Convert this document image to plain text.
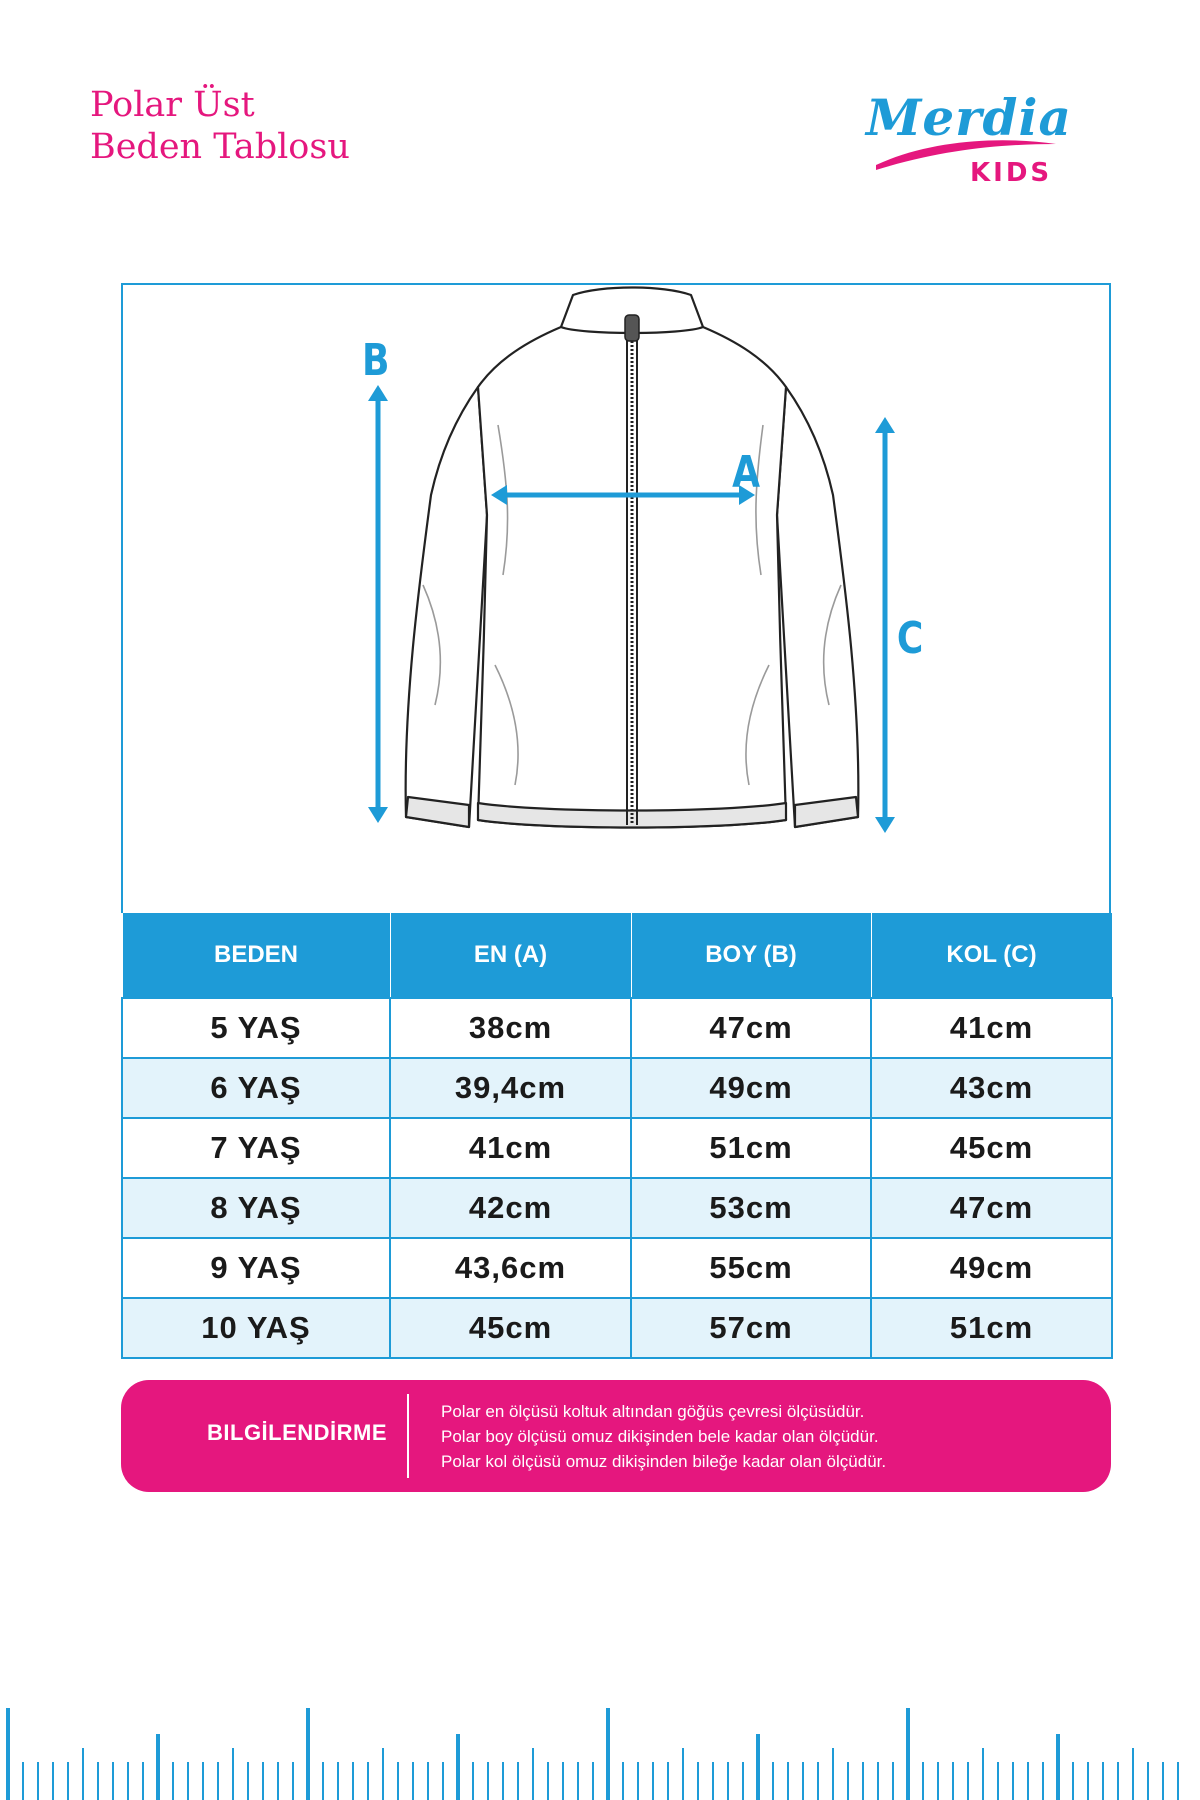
Polar Üst
Beden Tablosu	Merdia
KIDS
A
B
C
BEDEN	EN (A)	BOY (B)	KOL (C)
5 YAŞ	38cm	47cm	41cm
6 YAŞ	39,4cm	49cm	43cm
7 YAŞ	41cm	51cm	45cm
8 YAŞ	42cm	53cm	47cm
9 YAŞ	43,6cm	55cm	49cm
10 YAŞ	45cm	57cm	51cm
BILGİLENDİRME
Polar en ölçüsü koltuk altından göğüs çevresi ölçüsüdür.
Polar boy ölçüsü omuz dikişinden bele kadar olan ölçüdür.
Polar kol ölçüsü omuz dikişinden bileğe kadar olan ölçüdür.
